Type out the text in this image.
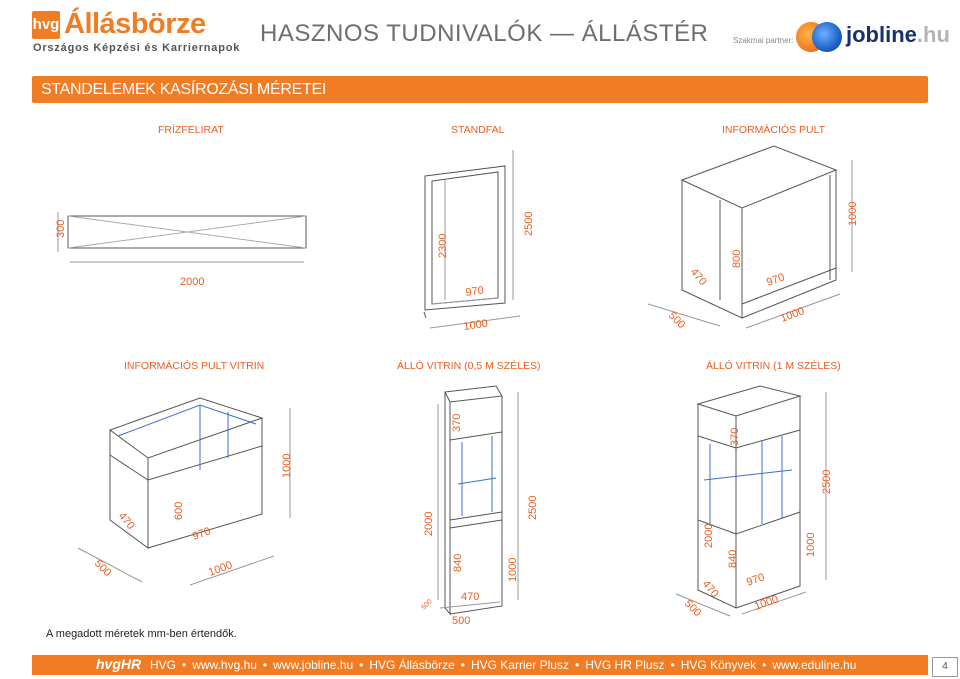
hvg Állásbörze
Országos Képzési és Karriernapok
HASZNOS TUDNIVALÓK — ÁLLÁSTÉR	Szakmai partner: jobline.hu
STANDELEMEK KASÍROZÁSI MÉRETEI
FRÍZFELIRAT	STANDFAL	INFORMÁCIÓS PULT
INFORMÁCIÓS PULT VITRIN	ÁLLÓ VITRIN (0,5 M SZÉLES)	ÁLLÓ VITRIN (1 M SZÉLES)
300
2000
2500
2300
970
1000
1000
800
470	970
500	1000
1000
470	600
970
500	1000
370
2500
2000
840	1000
470
500
500
370
2500
2000
840
1000
470 970
500	1000
A megadott méretek mm-ben értendők.
hvgHR HVG • www.hvg.hu • www.jobline.hu • HVG Állásbörze • HVG Karrier Plusz • HVG HR Plusz • HVG Könyvek • www.eduline.hu	4
